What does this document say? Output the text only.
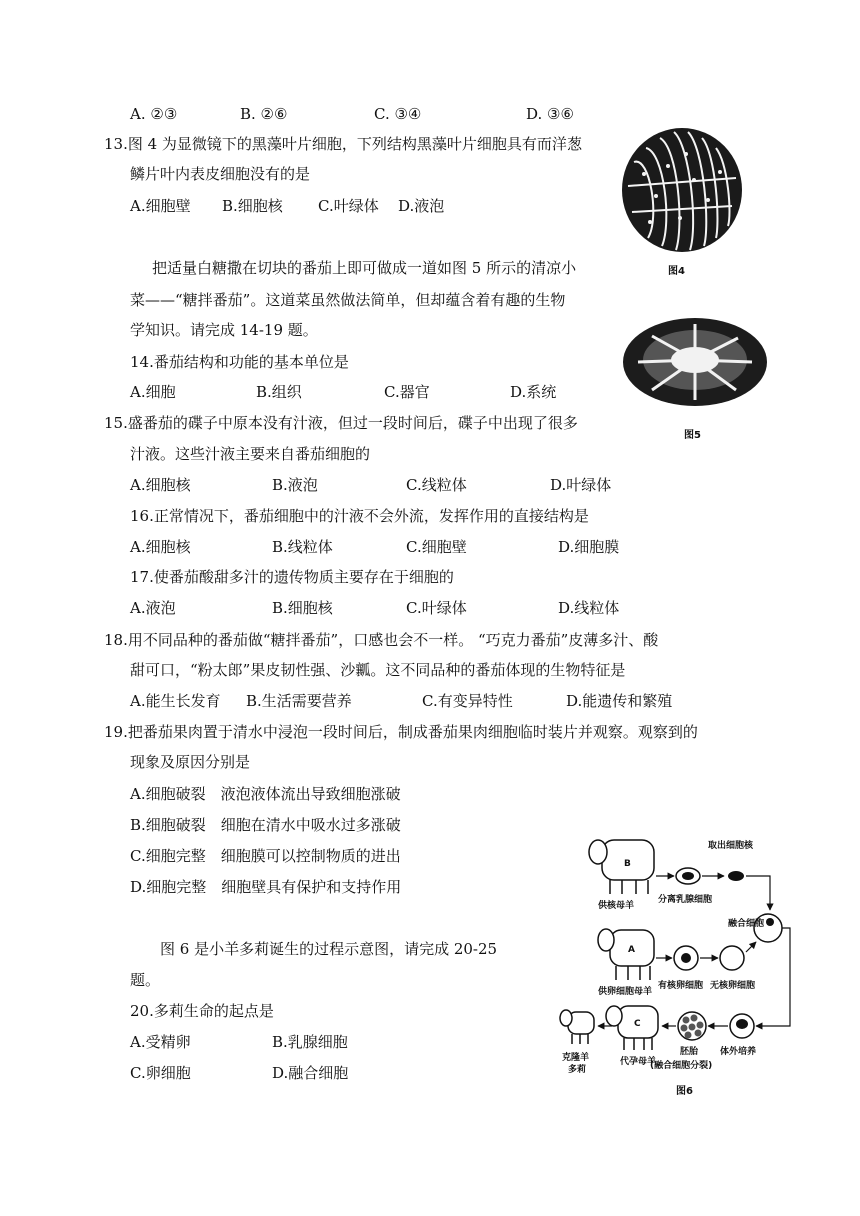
A. ②③	B. ②⑥	C. ③④	D. ③⑥
13.图 4 为显微镜下的黑藻叶片细胞，下列结构黑藻叶片细胞具有而洋葱
鳞片叶内表皮细胞没有的是
A.细胞壁 B.细胞核 C.叶绿体 D.液泡
图4
把适量白糖撒在切块的番茄上即可做成一道如图 5 所示的清凉小
菜——“糖拌番茄”。这道菜虽然做法简单，但却蕴含着有趣的生物
学知识。请完成 14-19 题。
图5
14.番茄结构和功能的基本单位是
A.细胞	B.组织	C.器官	D.系统
15.盛番茄的碟子中原本没有汁液，但过一段时间后，碟子中出现了很多
汁液。这些汁液主要来自番茄细胞的
A.细胞核	B.液泡	C.线粒体	D.叶绿体
16.正常情况下，番茄细胞中的汁液不会外流，发挥作用的直接结构是
A.细胞核	B.线粒体	C.细胞壁	D.细胞膜
17.使番茄酸甜多汁的遗传物质主要存在于细胞的
A.液泡	B.细胞核	C.叶绿体	D.线粒体
18.用不同品种的番茄做“糖拌番茄”，口感也会不一样。 “巧克力番茄”皮薄多汁、酸
甜可口，“粉太郎”果皮韧性强、沙瓤。这不同品种的番茄体现的生物特征是
A.能生长发育 B.生活需要营养	C.有变异特性	D.能遗传和繁殖
19.把番茄果肉置于清水中浸泡一段时间后，制成番茄果肉细胞临时装片并观察。观察到的
现象及原因分别是
A.细胞破裂　液泡液体流出导致细胞涨破
B.细胞破裂　细胞在清水中吸水过多涨破
C.细胞完整　细胞膜可以控制物质的进出
D.细胞完整　细胞壁具有保护和支持作用
图 6 是小羊多莉诞生的过程示意图，请完成 20-25
题。
20.多莉生命的起点是
A.受精卵	B.乳腺细胞
C.卵细胞	D.融合细胞
B
供核母羊
分离乳腺细胞
取出细胞核
融合细胞
A
供卵细胞母羊
有核卵细胞 无核卵细胞
体外培养
胚胎
(融合细胞分裂)
C
代孕母羊
克隆羊
多莉
图6
